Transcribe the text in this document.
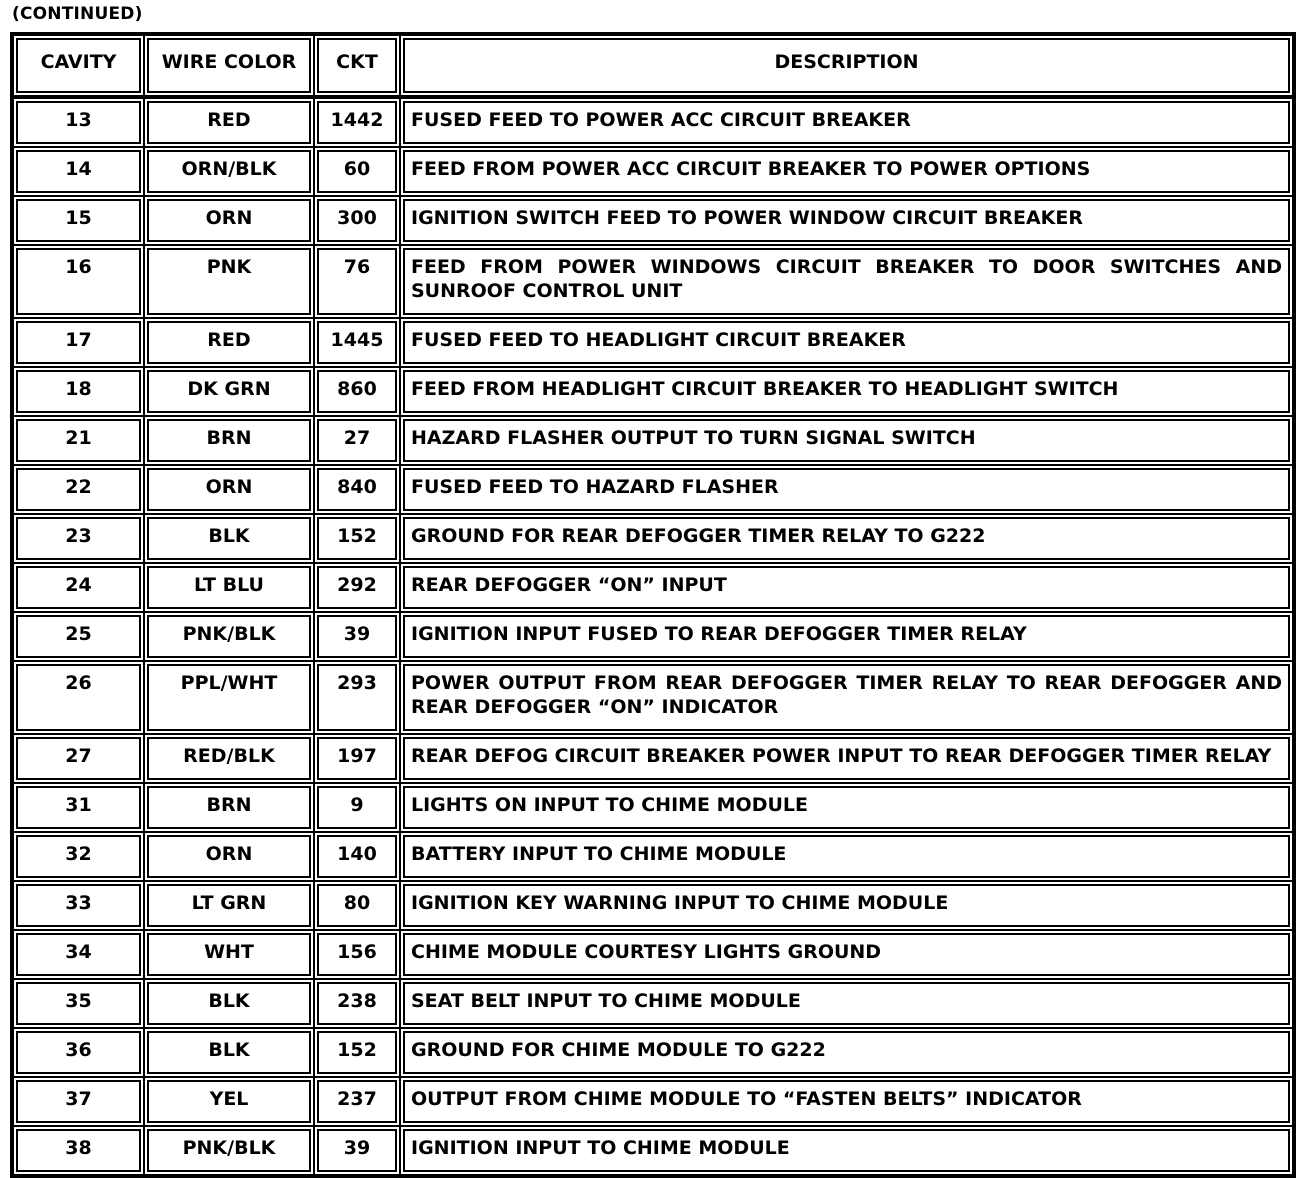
(CONTINUED)
CAVITY	WIRE COLOR	CKT	DESCRIPTION
13	RED	1442	FUSED FEED TO POWER ACC CIRCUIT BREAKER
14	ORN/BLK	60	FEED FROM POWER ACC CIRCUIT BREAKER TO POWER OPTIONS
15	ORN	300	IGNITION SWITCH FEED TO POWER WINDOW CIRCUIT BREAKER
16	PNK	76	FEED FROM POWER WINDOWS CIRCUIT BREAKER TO DOOR SWITCHES AND SUNROOF CONTROL UNIT
17	RED	1445	FUSED FEED TO HEADLIGHT CIRCUIT BREAKER
18	DK GRN	860	FEED FROM HEADLIGHT CIRCUIT BREAKER TO HEADLIGHT SWITCH
21	BRN	27	HAZARD FLASHER OUTPUT TO TURN SIGNAL SWITCH
22	ORN	840	FUSED FEED TO HAZARD FLASHER
23	BLK	152	GROUND FOR REAR DEFOGGER TIMER RELAY TO G222
24	LT BLU	292	REAR DEFOGGER “ON” INPUT
25	PNK/BLK	39	IGNITION INPUT FUSED TO REAR DEFOGGER TIMER RELAY
26	PPL/WHT	293	POWER OUTPUT FROM REAR DEFOGGER TIMER RELAY TO REAR DEFOGGER AND REAR DEFOGGER “ON” INDICATOR
27	RED/BLK	197	REAR DEFOG CIRCUIT BREAKER POWER INPUT TO REAR DEFOGGER TIMER RELAY
31	BRN	9	LIGHTS ON INPUT TO CHIME MODULE
32	ORN	140	BATTERY INPUT TO CHIME MODULE
33	LT GRN	80	IGNITION KEY WARNING INPUT TO CHIME MODULE
34	WHT	156	CHIME MODULE COURTESY LIGHTS GROUND
35	BLK	238	SEAT BELT INPUT TO CHIME MODULE
36	BLK	152	GROUND FOR CHIME MODULE TO G222
37	YEL	237	OUTPUT FROM CHIME MODULE TO “FASTEN BELTS” INDICATOR
38	PNK/BLK	39	IGNITION INPUT TO CHIME MODULE
